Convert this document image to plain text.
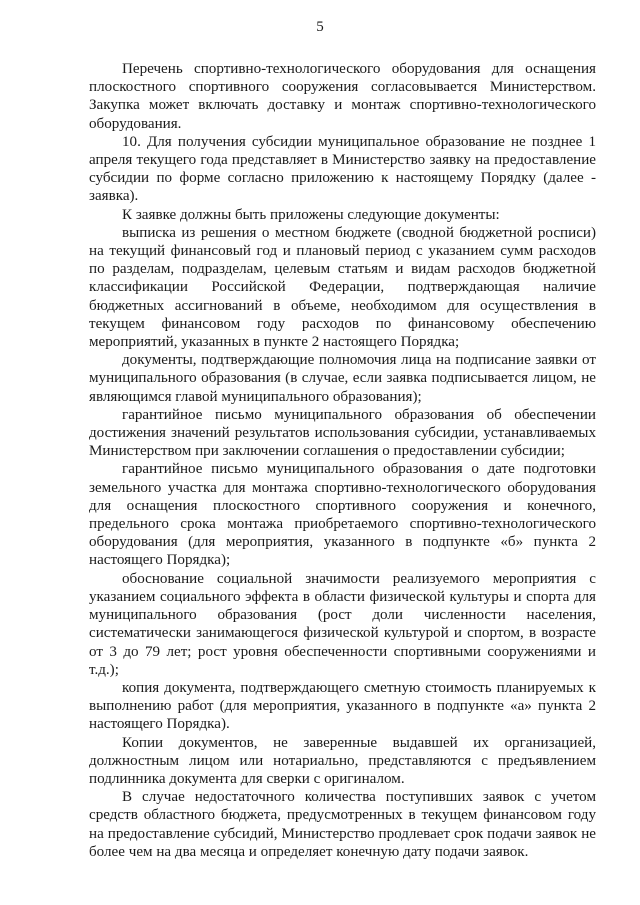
5

Перечень спортивно-технологического оборудования для оснащения плоскостного спортивного сооружения согласовывается Министерством. Закупка может включать доставку и монтаж спортивно-технологического оборудования.

10. Для получения субсидии муниципальное образование не позднее 1 апреля текущего года представляет в Министерство заявку на предоставление субсидии по форме согласно приложению к настоящему Порядку (далее - заявка).

К заявке должны быть приложены следующие документы:

выписка из решения о местном бюджете (сводной бюджетной росписи) на текущий финансовый год и плановый период с указанием сумм расходов по разделам, подразделам, целевым статьям и видам расходов бюджетной классификации Российской Федерации, подтверждающая наличие бюджетных ассигнований в объеме, необходимом для осуществления в текущем финансовом году расходов по финансовому обеспечению мероприятий, указанных в пункте 2 настоящего Порядка;

документы, подтверждающие полномочия лица на подписание заявки от муниципального образования (в случае, если заявка подписывается лицом, не являющимся главой муниципального образования);

гарантийное письмо муниципального образования об обеспечении достижения значений результатов использования субсидии, устанавливаемых Министерством при заключении соглашения о предоставлении субсидии;

гарантийное письмо муниципального образования о дате подготовки земельного участка для монтажа спортивно-технологического оборудования для оснащения плоскостного спортивного сооружения и конечного, предельного срока монтажа приобретаемого спортивно-технологического оборудования (для мероприятия, указанного в подпункте «б» пункта 2 настоящего Порядка);

обоснование социальной значимости реализуемого мероприятия с указанием социального эффекта в области физической культуры и спорта для муниципального образования (рост доли численности населения, систематически занимающегося физической культурой и спортом, в возрасте от 3 до 79 лет; рост уровня обеспеченности спортивными сооружениями и т.д.);

копия документа, подтверждающего сметную стоимость планируемых к выполнению работ (для мероприятия, указанного в подпункте «а» пункта 2 настоящего Порядка).

Копии документов, не заверенные выдавшей их организацией, должностным лицом или нотариально, представляются с предъявлением подлинника документа для сверки с оригиналом.

В случае недостаточного количества поступивших заявок с учетом средств областного бюджета, предусмотренных в текущем финансовом году на предоставление субсидий, Министерство продлевает срок подачи заявок не более чем на два месяца и определяет конечную дату подачи заявок.
